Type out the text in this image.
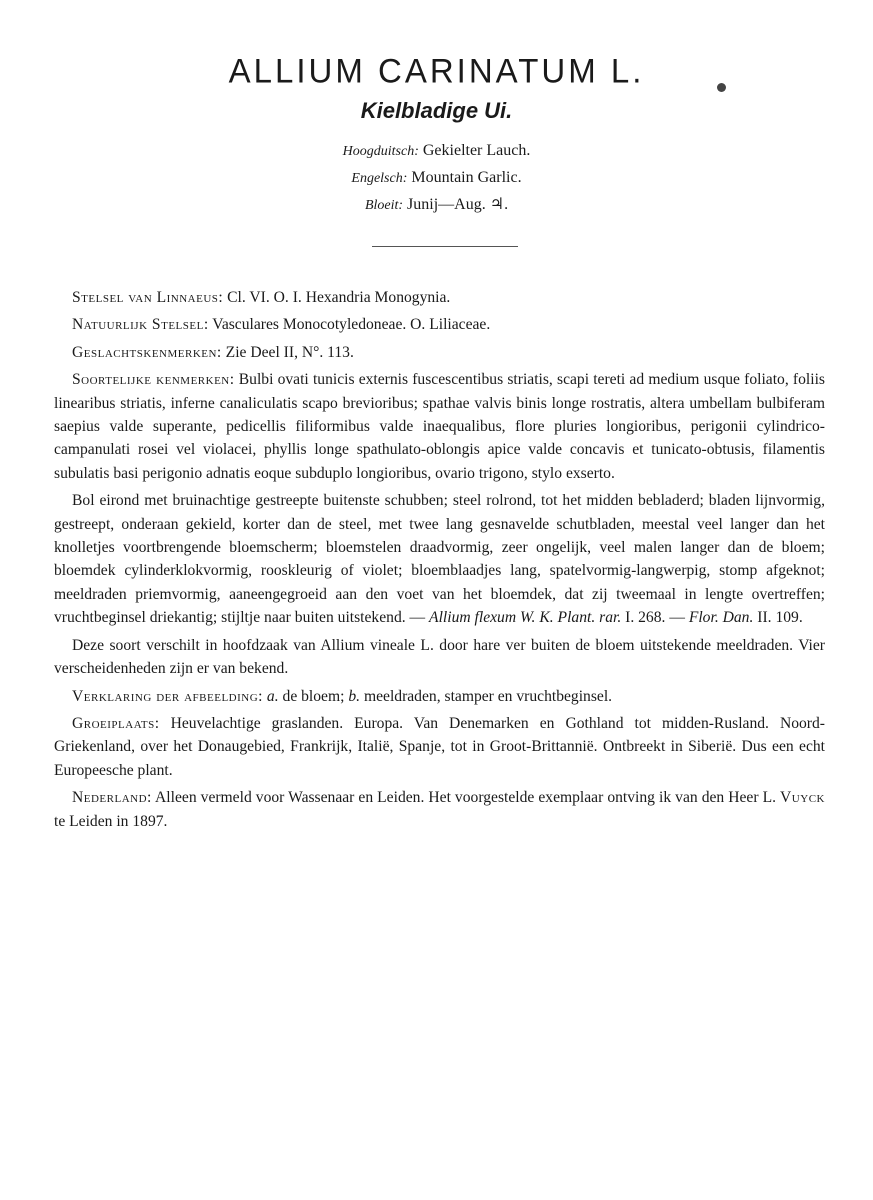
ALLIUM CARINATUM L.
Kielbladige Ui.
Hoogduitsch: Gekielter Lauch.
Engelsch: Mountain Garlic.
Bloeit: Junij—Aug. ♃.

Stelsel van Linnaeus: Cl. VI. O. I. Hexandria Monogynia.

Natuurlijk Stelsel: Vasculares Monocotyledoneae. O. Liliaceae.

Geslachtskenmerken: Zie Deel II, N°. 113.

Soortelijke kenmerken: Bulbi ovati tunicis externis fuscescentibus striatis, scapi tereti ad medium usque foliato, foliis linearibus striatis, inferne canaliculatis scapo brevioribus; spathae valvis binis longe rostratis, altera umbellam bulbiferam saepius valde superante, pedicellis filiformibus valde inaequalibus, flore pluries longioribus, perigonii cylindrico-campanulati rosei vel violacei, phyllis longe spathulato-oblongis apice valde concavis et tunicato-obtusis, filamentis subulatis basi perigonio adnatis eoque subduplo longioribus, ovario trigono, stylo exserto.

Bol eirond met bruinachtige gestreepte buitenste schubben; steel rolrond, tot het midden bebladerd; bladen lijnvormig, gestreept, onderaan gekield, korter dan de steel, met twee lang gesnavelde schutbladen, meestal veel langer dan het knolletjes voortbrengende bloemscherm; bloemstelen draadvormig, zeer ongelijk, veel malen langer dan de bloem; bloemdek cylinderklokvormig, rooskleurig of violet; bloemblaadjes lang, spatelvormig-langwerpig, stomp afgeknot; meeldraden priemvormig, aaneengegroeid aan den voet van het bloemdek, dat zij tweemaal in lengte overtreffen; vruchtbeginsel driekantig; stijltje naar buiten uitstekend. — Allium flexum W. K. Plant. rar. I. 268. — Flor. Dan. II. 109.

Deze soort verschilt in hoofdzaak van Allium vineale L. door hare ver buiten de bloem uitstekende meeldraden. Vier verscheidenheden zijn er van bekend.

Verklaring der afbeelding: a. de bloem; b. meeldraden, stamper en vruchtbeginsel.

Groeiplaats: Heuvelachtige graslanden. Europa. Van Denemarken en Gothland tot midden-Rusland. Noord-Griekenland, over het Donaugebied, Frankrijk, Italië, Spanje, tot in Groot-Brittannië. Ontbreekt in Siberië. Dus een echt Europeesche plant.

Nederland: Alleen vermeld voor Wassenaar en Leiden. Het voorgestelde exemplaar ontving ik van den Heer L. Vuyck te Leiden in 1897.
